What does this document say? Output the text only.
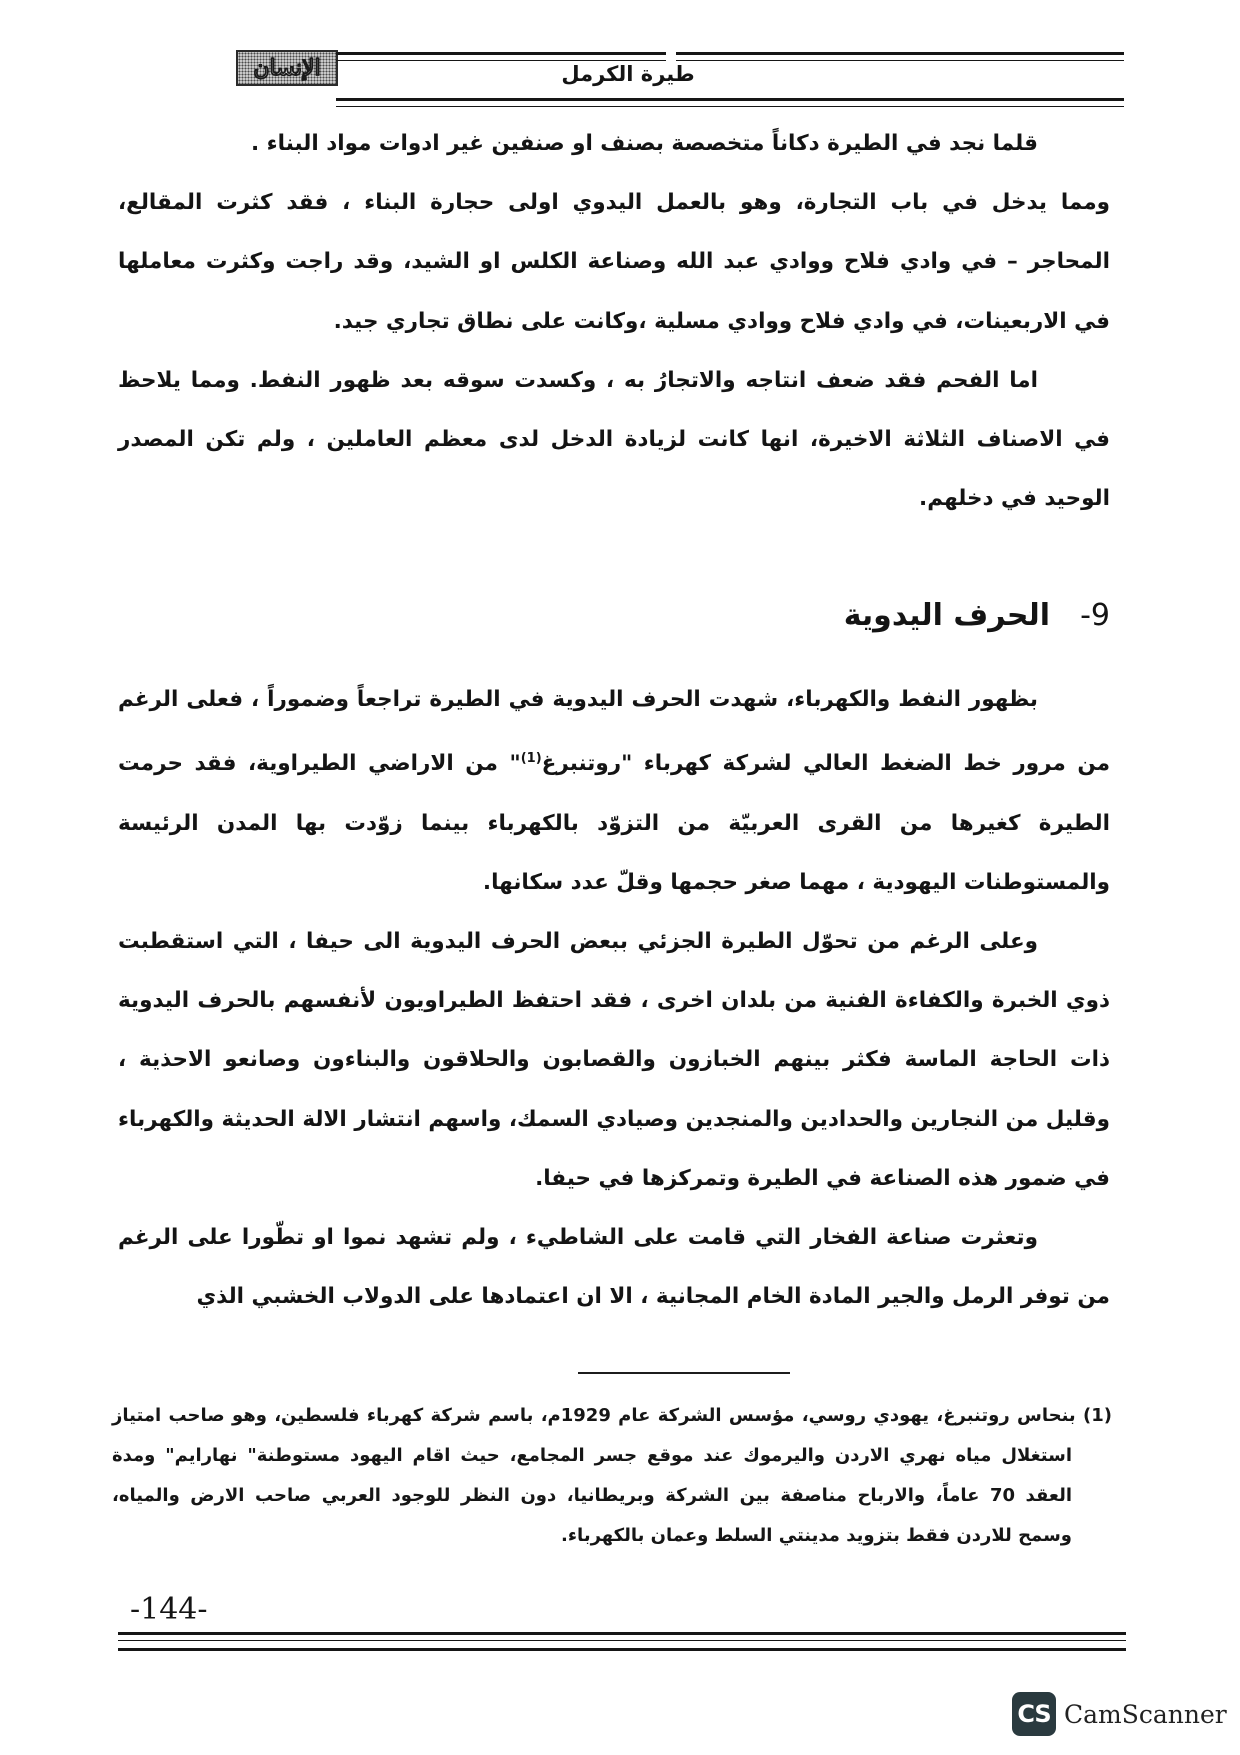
الإنسان	طيرة الكرمل

قلما نجد في الطيرة دكاناً متخصصة بصنف او صنفين غير ادوات مواد البناء .

ومما يدخل في باب التجارة، وهو بالعمل اليدوي اولى حجارة البناء ، فقد كثرت المقالع، المحاجر – في وادي فلاح ووادي عبد الله وصناعة الكلس او الشيد، وقد راجت وكثرت معاملها في الاربعينات، في وادي فلاح ووادي مسلية ،وكانت على نطاق تجاري جيد.

اما الفحم فقد ضعف انتاجه والاتجارُ به ، وكسدت سوقه بعد ظهور النفط. ومما يلاحظ في الاصناف الثلاثة الاخيرة، انها كانت لزيادة الدخل لدى معظم العاملين ، ولم تكن المصدر الوحيد في دخلهم.

-9
الحرف اليدوية

بظهور النفط والكهرباء، شهدت الحرف اليدوية في الطيرة تراجعاً وضموراً ، فعلى الرغم من مرور خط الضغط العالي لشركة كهرباء "روتنبرغ$^{(1)}$" من الاراضي الطيراوية، فقد حرمت الطيرة كغيرها من القرى العربيّة من التزوّد بالكهرباء بينما زوّدت بها المدن الرئيسة والمستوطنات اليهودية ، مهما صغر حجمها وقلّ عدد سكانها.

وعلى الرغم من تحوّل الطيرة الجزئي ببعض الحرف اليدوية الى حيفا ، التي استقطبت ذوي الخبرة والكفاءة الفنية من بلدان اخرى ، فقد احتفظ الطيراويون لأنفسهم بالحرف اليدوية ذات الحاجة الماسة فكثر بينهم الخبازون والقصابون والحلاقون والبناءون وصانعو الاحذية ، وقليل من النجارين والحدادين والمنجدين وصيادي السمك، واسهم انتشار الالة الحديثة والكهرباء في ضمور هذه الصناعة في الطيرة وتمركزها في حيفا.

وتعثرت صناعة الفخار التي قامت على الشاطيء ، ولم تشهد نموا او تطّورا على الرغم من توفر الرمل والجير المادة الخام المجانية ، الا ان اعتمادها على الدولاب الخشبي الذي

(1) بنحاس روتنبرغ، يهودي روسي، مؤسس الشركة عام 1929م، باسم شركة كهرباء فلسطين، وهو صاحب امتياز استغلال مياه نهري الاردن واليرموك عند موقع جسر المجامع، حيث اقام اليهود مستوطنة" نهارايم" ومدة العقد 70 عاماً، والارباح مناصفة بين الشركة وبريطانيا، دون النظر للوجود العربي صاحب الارض والمياه، وسمح للاردن فقط بتزويد مدينتي السلط وعمان بالكهرباء.

-144-
CS CamScanner
